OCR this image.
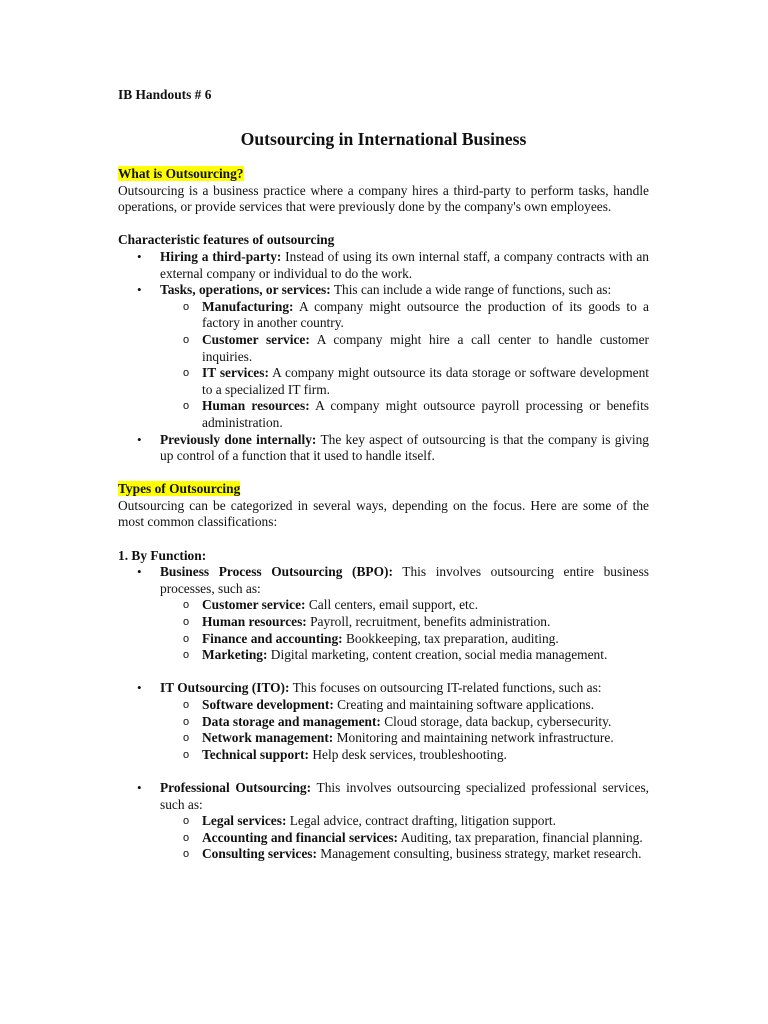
IB Handouts # 6

Outsourcing in International Business
What is Outsourcing?

Outsourcing is a business practice where a company hires a third-party to perform tasks, handle operations, or provide services that were previously done by the company's own employees.

Characteristic features of outsourcing
• Hiring a third-party: Instead of using its own internal staff, a company contracts with an external company or individual to do the work.
• Tasks, operations, or services: This can include a wide range of functions, such as:
o Manufacturing: A company might outsource the production of its goods to a factory in another country.
o Customer service: A company might hire a call center to handle customer inquiries.
o IT services: A company might outsource its data storage or software development to a specialized IT firm.
o Human resources: A company might outsource payroll processing or benefits administration.
• Previously done internally: The key aspect of outsourcing is that the company is giving up control of a function that it used to handle itself.
Types of Outsourcing

Outsourcing can be categorized in several ways, depending on the focus. Here are some of the most common classifications:

1. By Function:
• Business Process Outsourcing (BPO): This involves outsourcing entire business processes, such as:
o Customer service: Call centers, email support, etc.
o Human resources: Payroll, recruitment, benefits administration.
o Finance and accounting: Bookkeeping, tax preparation, auditing.
o Marketing: Digital marketing, content creation, social media management.
• IT Outsourcing (ITO): This focuses on outsourcing IT-related functions, such as:
o Software development: Creating and maintaining software applications.
o Data storage and management: Cloud storage, data backup, cybersecurity.
o Network management: Monitoring and maintaining network infrastructure.
o Technical support: Help desk services, troubleshooting.
• Professional Outsourcing: This involves outsourcing specialized professional services, such as:
o Legal services: Legal advice, contract drafting, litigation support.
o Accounting and financial services: Auditing, tax preparation, financial planning.
o Consulting services: Management consulting, business strategy, market research.
